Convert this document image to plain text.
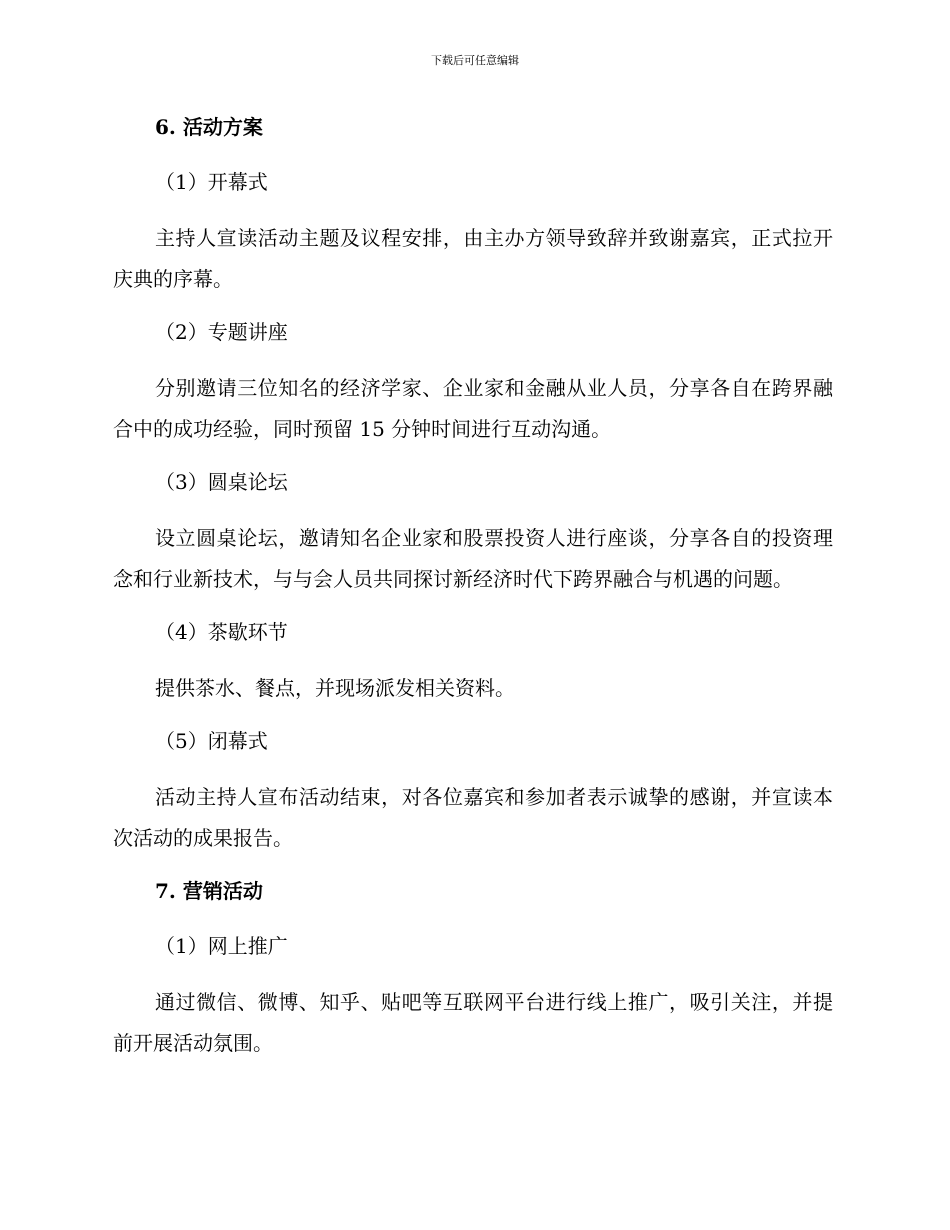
下载后可任意编辑
6. 活动方案
（1）开幕式

主持人宣读活动主题及议程安排，由主办方领导致辞并致谢嘉宾，正式拉开庆典的序幕。

（2）专题讲座

分别邀请三位知名的经济学家、企业家和金融从业人员，分享各自在跨界融合中的成功经验，同时预留 15 分钟时间进行互动沟通。

（3）圆桌论坛

设立圆桌论坛，邀请知名企业家和股票投资人进行座谈，分享各自的投资理念和行业新技术，与与会人员共同探讨新经济时代下跨界融合与机遇的问题。

（4）茶歇环节

提供茶水、餐点，并现场派发相关资料。

（5）闭幕式

活动主持人宣布活动结束，对各位嘉宾和参加者表示诚挚的感谢，并宣读本次活动的成果报告。

7. 营销活动
（1）网上推广

通过微信、微博、知乎、贴吧等互联网平台进行线上推广，吸引关注，并提前开展活动氛围。
